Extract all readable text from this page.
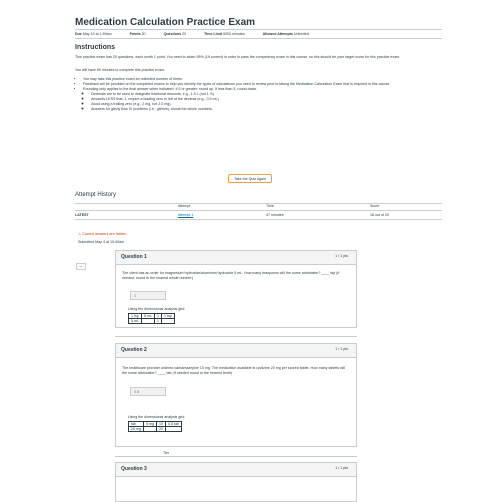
Medication Calculation Practice Exam
Due May 10 at 1:59am	Points 20	Questions 20	Time Limit 5000 minutes	Allowed Attempts Unlimited
Instructions
This practice exam has 20 questions, each worth 1 point. You need to attain 95% (19 correct) in order to pass the competency exam in this course, so this should be your target score for this practice exam.
You will have 60 minutes to complete this practice exam.
• You may take this practice exam an unlimited number of times.
• Feedback will be provided on the completed exams to help you identify the types of calculations you need to review prior to taking the Medication Calculation Exam that is required in this course.
• Rounding only applies to the final answer when indicated. If 5 or greater, round up. If less than 5, round down.
◦ Decimals are to be used to designate fractional amounts, e.g., 1.5 L (not 1 ½)
◦ Amounts LESS than 1, require a leading zero to left of the decimal (e.g., 0.5 mL)
◦ Avoid using a trailing zero (e.g., 2 mg, not 2.0 mg).
◦ Answers for gtts/ly flow IV problems (i.e., gtt/min), should be whole numbers.
Take the Quiz Again
Attempt History
Attempt	Time	Score
LATEST	Attempt 1	47 minutes	16 out of 20
⚠ Correct answers are hidden.
Submitted May 4 at 10:40am
−
Question 1	1 / 1 pts
The client has an order for magnesium hydroxide/aluminum hydroxide 5 mL. How many teaspoons will the nurse administer? ____ tsp (If needed, round to the nearest whole number)
1
Using the dimensional analysis grid
1 tsp	5 mL	1	1 tsp
5 mL		1	
Question 2	1 / 1 pts
The healthcare provider ordered carbamazepine 10 mg. The medication available is cyclizine 20 mg per scored tablet. How many tablets will the nurse administer? ____ tab (If needed round to the nearest tenth)
0.5
Using the dimensional analysis grid
tab	5 mg	10	0.5 tab
20 mg		20	
Tier
Question 3	1 / 1 pts
